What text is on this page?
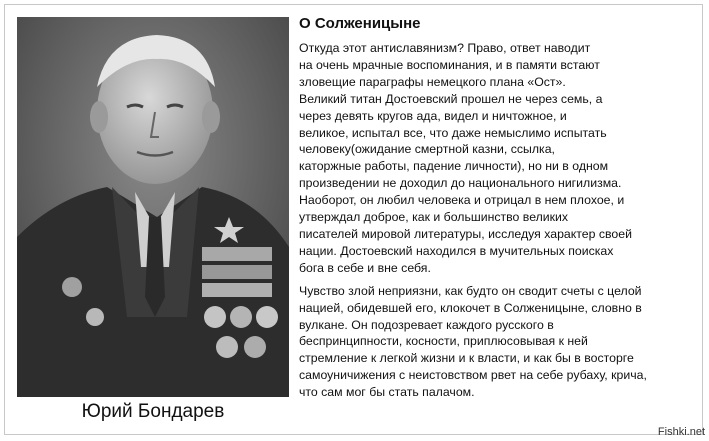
Юрий Бондарев
О Солженицыне
Откуда этот антиславянизм? Право, ответ наводит
на очень мрачные воспоминания, и в памяти встают
зловещие параграфы немецкого плана «Ост».
Великий титан Достоевский прошел не через семь, а
через девять кругов ада, видел и ничтожное, и
великое, испытал все, что даже немыслимо испытать
человеку(ожидание смертной казни, ссылка,
каторжные работы, падение личности), но ни в одном
произведении не доходил до национального нигилизма.
Наоборот, он любил человека и отрицал в нем плохое, и
утверждал доброе, как и большинство великих
писателей мировой литературы, исследуя характер своей
нации. Достоевский находился в мучительных поисках
бога в себе и вне себя.
Чувство злой неприязни, как будто он сводит счеты с целой
нацией, обидевшей его, клокочет в Солженицыне, словно в
вулкане. Он подозревает каждого русского в
беспринципности, косности, приплюсовывая к ней
стремление к легкой жизни и к власти, и как бы в восторге
самоуничижения с неистовством рвет на себе рубаху, крича,
что сам мог бы стать палачом.
Fishki.net
